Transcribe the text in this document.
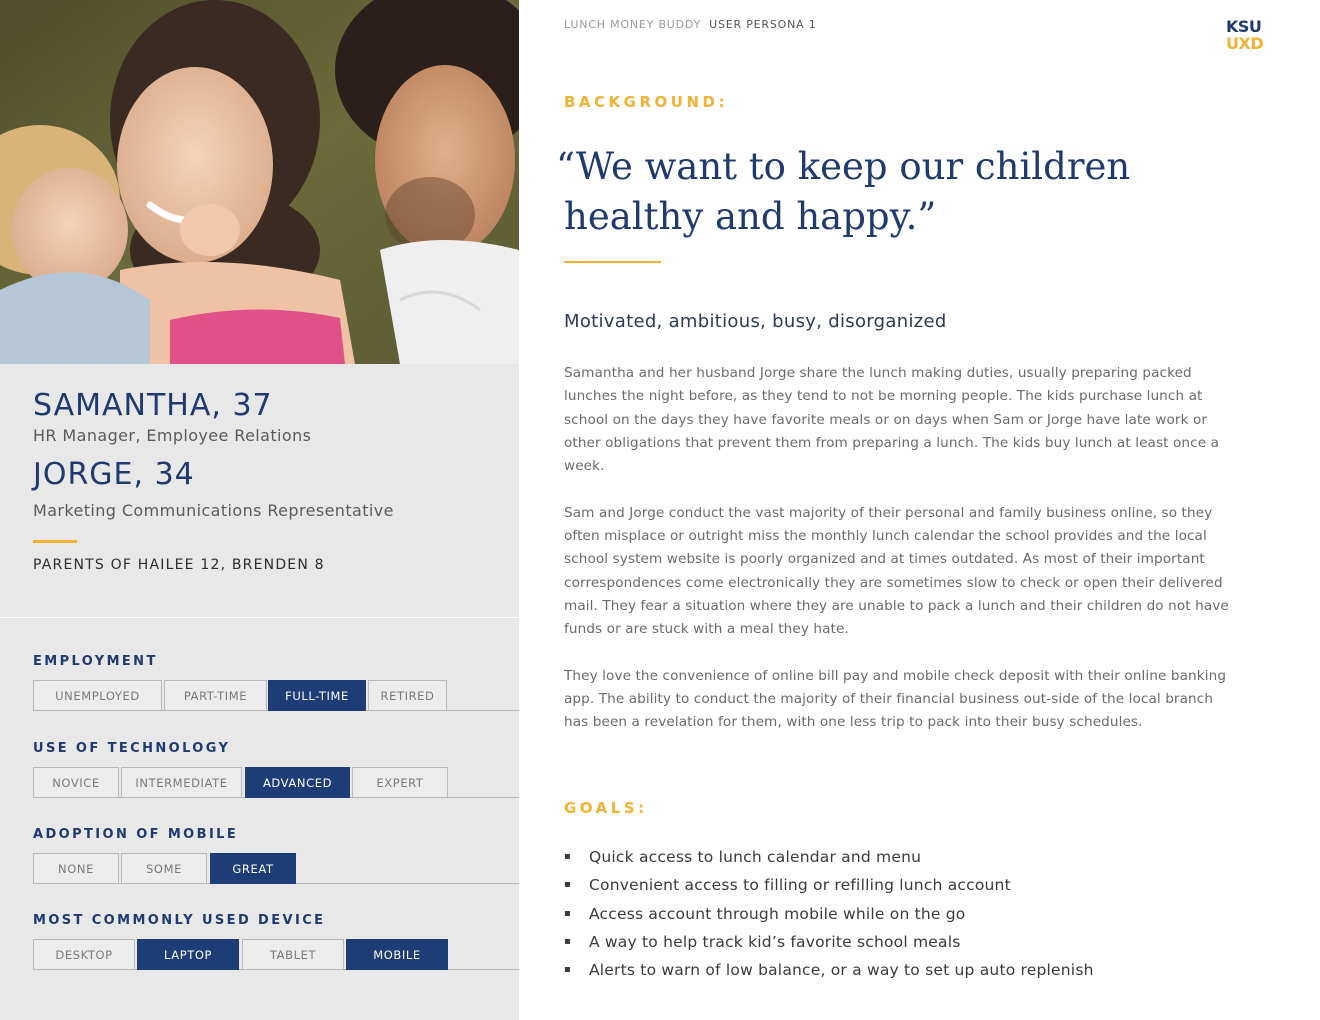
SAMANTHA, 37
HR Manager, Employee Relations
JORGE, 34
Marketing Communications Representative
PARENTS OF HAILEE 12, BRENDEN 8
EMPLOYMENT
UNEMPLOYED	PART-TIME	FULL-TIME	RETIRED
USE OF TECHNOLOGY
NOVICE	INTERMEDIATE	ADVANCED	EXPERT
ADOPTION OF MOBILE
NONE	SOME	GREAT
MOST COMMONLY USED DEVICE
DESKTOP	LAPTOP	TABLET	MOBILE
LUNCH MONEY BUDDY USER PERSONA 1	KSU
UXD
BACKGROUND:
“We want to keep our children
healthy and happy.”
Motivated, ambitious, busy, disorganized

Samantha and her husband Jorge share the lunch making duties, usually preparing packed lunches the night before, as they tend to not be morning people. The kids purchase lunch at school on the days they have favorite meals or on days when Sam or Jorge have late work or other obligations that prevent them from preparing a lunch. The kids buy lunch at least once a week.

Sam and Jorge conduct the vast majority of their personal and family business online, so they often misplace or outright miss the monthly lunch calendar the school provides and the local school system website is poorly organized and at times outdated. As most of their important correspondences come electronically they are sometimes slow to check or open their delivered mail. They fear a situation where they are unable to pack a lunch and their children do not have funds or are stuck with a meal they hate.

They love the convenience of online bill pay and mobile check deposit with their online banking app. The ability to conduct the majority of their financial business out-side of the local branch has been a revelation for them, with one less trip to pack into their busy schedules.

GOALS:
▪ Quick access to lunch calendar and menu
▪ Convenient access to filling or refilling lunch account
▪ Access account through mobile while on the go
▪ A way to help track kid’s favorite school meals
▪ Alerts to warn of low balance, or a way to set up auto replenish
